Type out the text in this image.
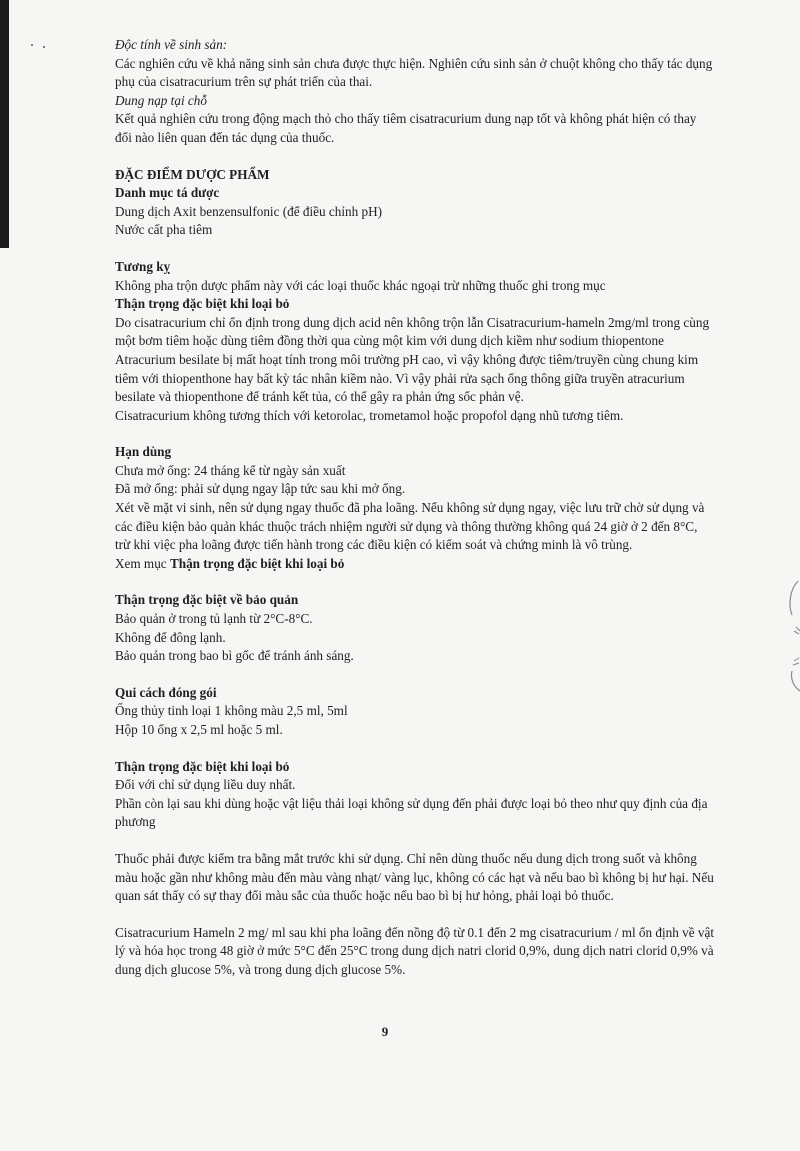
Độc tính về sinh sản:

Các nghiên cứu về khả năng sinh sản chưa được thực hiện. Nghiên cứu sinh sản ở chuột không cho thấy tác dụng phụ của cisatracurium trên sự phát triển của thai.

Dung nạp tại chỗ

Kết quả nghiên cứu trong động mạch thỏ cho thấy tiêm cisatracurium dung nạp tốt và không phát hiện có thay đổi nào liên quan đến tác dụng của thuốc.

ĐẶC ĐIỂM DƯỢC PHẨM

Danh mục tá dược

Dung dịch Axit benzensulfonic (để điều chỉnh pH)

Nước cất pha tiêm

Tương kỵ

Không pha trộn dược phẩm này với các loại thuốc khác ngoại trừ những thuốc ghi trong mục

Thận trọng đặc biệt khi loại bỏ

Do cisatracurium chỉ ổn định trong dung dịch acid nên không trộn lẫn Cisatracurium-hameln 2mg/ml trong cùng một bơm tiêm hoặc dùng tiêm đồng thời qua cùng một kim với dung dịch kiềm như sodium thiopentone

Atracurium besilate bị mất hoạt tính trong môi trường pH cao, vì vậy không được tiêm/truyền cùng chung kim tiêm với thiopenthone hay bất kỳ tác nhân kiềm nào. Vì vậy phải rửa sạch ống thông giữa truyền atracurium besilate và thiopenthone để tránh kết tủa, có thể gây ra phản ứng sốc phản vệ.

Cisatracurium không tương thích với ketorolac, trometamol hoặc propofol dạng nhũ tương tiêm.

Hạn dùng

Chưa mở ống: 24 tháng kể từ ngày sản xuất

Đã mở ống: phải sử dụng ngay lập tức sau khi mở ống.

Xét về mặt vi sinh, nên sử dụng ngay thuốc đã pha loãng. Nếu không sử dụng ngay, việc lưu trữ chờ sử dụng và các điều kiện bảo quản khác thuộc trách nhiệm người sử dụng và thông thường không quá 24 giờ ở 2 đến 8°C, trừ khi việc pha loãng được tiến hành trong các điều kiện có kiểm soát và chứng minh là vô trùng.

Xem mục Thận trọng đặc biệt khi loại bỏ

Thận trọng đặc biệt về bảo quản

Bảo quản ở trong tủ lạnh từ 2°C-8°C.

Không để đông lạnh.

Bảo quản trong bao bì gốc để tránh ánh sáng.

Qui cách đóng gói

Ống thủy tinh loại 1 không màu 2,5 ml, 5ml

Hộp 10 ống x 2,5 ml hoặc 5 ml.

Thận trọng đặc biệt khi loại bỏ

Đối với chỉ sử dụng liều duy nhất.

Phần còn lại sau khi dùng hoặc vật liệu thải loại không sử dụng đến phải được loại bỏ theo như quy định của địa phương

Thuốc phải được kiểm tra bằng mắt trước khi sử dụng. Chỉ nên dùng thuốc nếu dung dịch trong suốt và không màu hoặc gần như không màu đến màu vàng nhạt/ vàng lục, không có các hạt và nếu bao bì không bị hư hại. Nếu quan sát thấy có sự thay đổi màu sắc của thuốc hoặc nếu bao bì bị hư hỏng, phải loại bỏ thuốc.

Cisatracurium Hameln 2 mg/ ml sau khi pha loãng đến nồng độ từ 0.1 đến 2 mg cisatracurium / ml ổn định về vật lý và hóa học trong 48 giờ ở mức 5°C đến 25°C trong dung dịch natri clorid 0,9%, dung dịch natri clorid 0,9% và dung dịch glucose 5%, và trong dung dịch glucose 5%.

9
